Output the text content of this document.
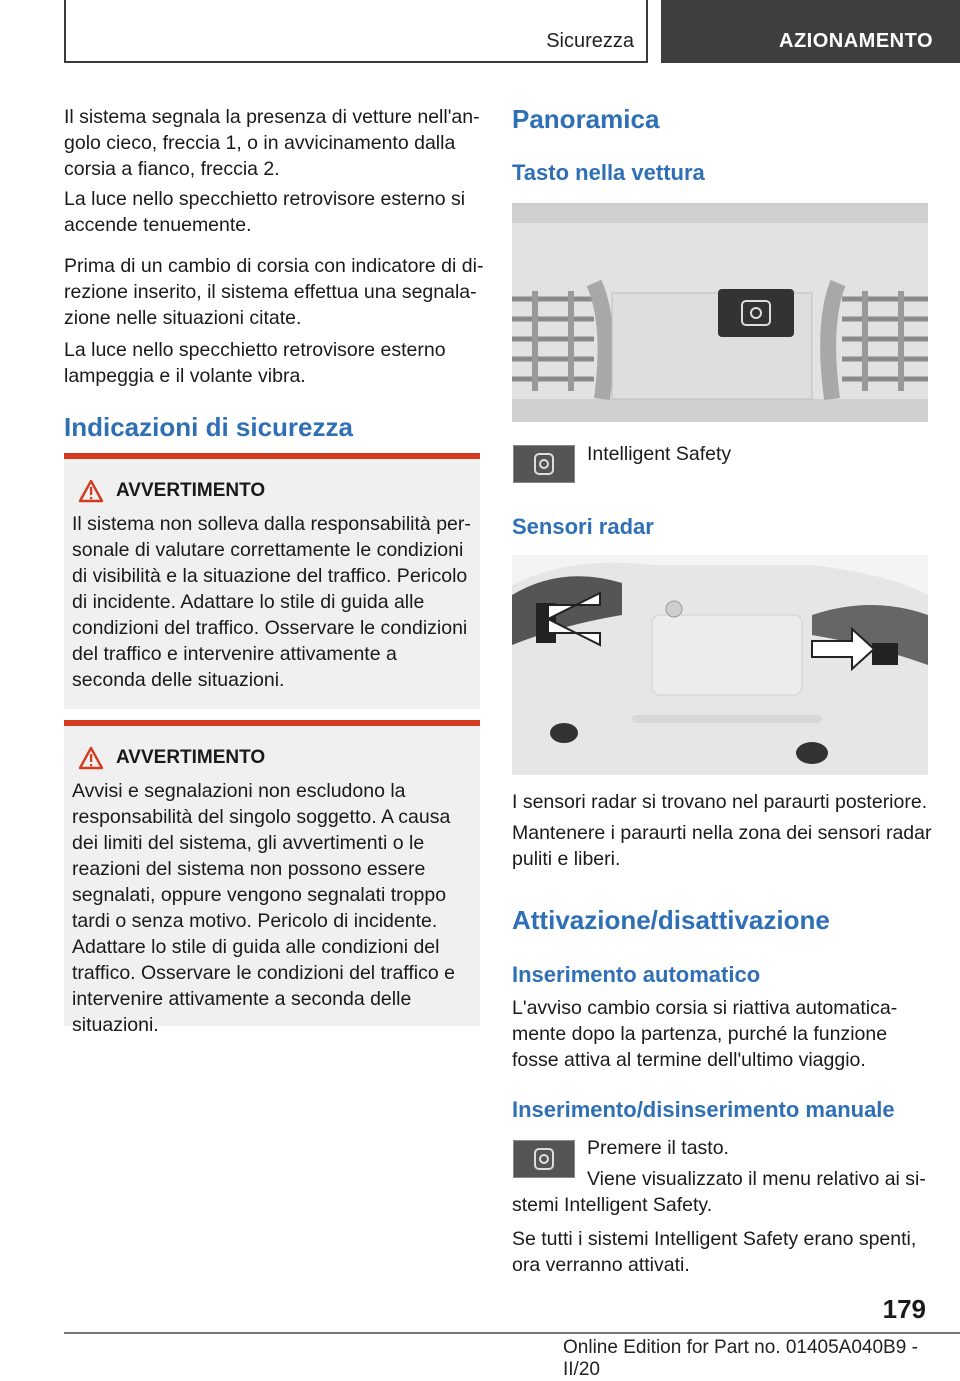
Sicurezza	AZIONAMENTO

Il sistema segnala la presenza di vetture nell'angolo cieco, freccia 1, o in avvicinamento dalla corsia a fianco, freccia 2.

La luce nello specchietto retrovisore esterno si accende tenuemente.

Prima di un cambio di corsia con indicatore di direzione inserito, il sistema effettua una segnalazione nelle situazioni citate.

La luce nello specchietto retrovisore esterno lampeggia e il volante vibra.

Indicazioni di sicurezza
AVVERTIMENTO

Il sistema non solleva dalla responsabilità personale di valutare correttamente le condizioni di visibilità e la situazione del traffico. Pericolo di incidente. Adattare lo stile di guida alle condizioni del traffico. Osservare le condizioni del traffico e intervenire attivamente a seconda delle situazioni.

AVVERTIMENTO

Avvisi e segnalazioni non escludono la responsabilità del singolo soggetto. A causa dei limiti del sistema, gli avvertimenti o le reazioni del sistema non possono essere segnalati, oppure vengono segnalati troppo tardi o senza motivo. Pericolo di incidente. Adattare lo stile di guida alle condizioni del traffico. Osservare le condizioni del traffico e intervenire attivamente a seconda delle situazioni.

Panoramica
Tasto nella vettura

Intelligent Safety

Sensori radar

I sensori radar si trovano nel paraurti posteriore.

Mantenere i paraurti nella zona dei sensori radar puliti e liberi.

Attivazione/disattivazione
Inserimento automatico

L'avviso cambio corsia si riattiva automaticamente dopo la partenza, purché la funzione fosse attiva al termine dell'ultimo viaggio.

Inserimento/disinserimento manuale

Premere il tasto.

Viene visualizzato il menu relativo ai sistemi Intelligent Safety.

Se tutti i sistemi Intelligent Safety erano spenti, ora verranno attivati.

179
Online Edition for Part no. 01405A040B9 - II/20
